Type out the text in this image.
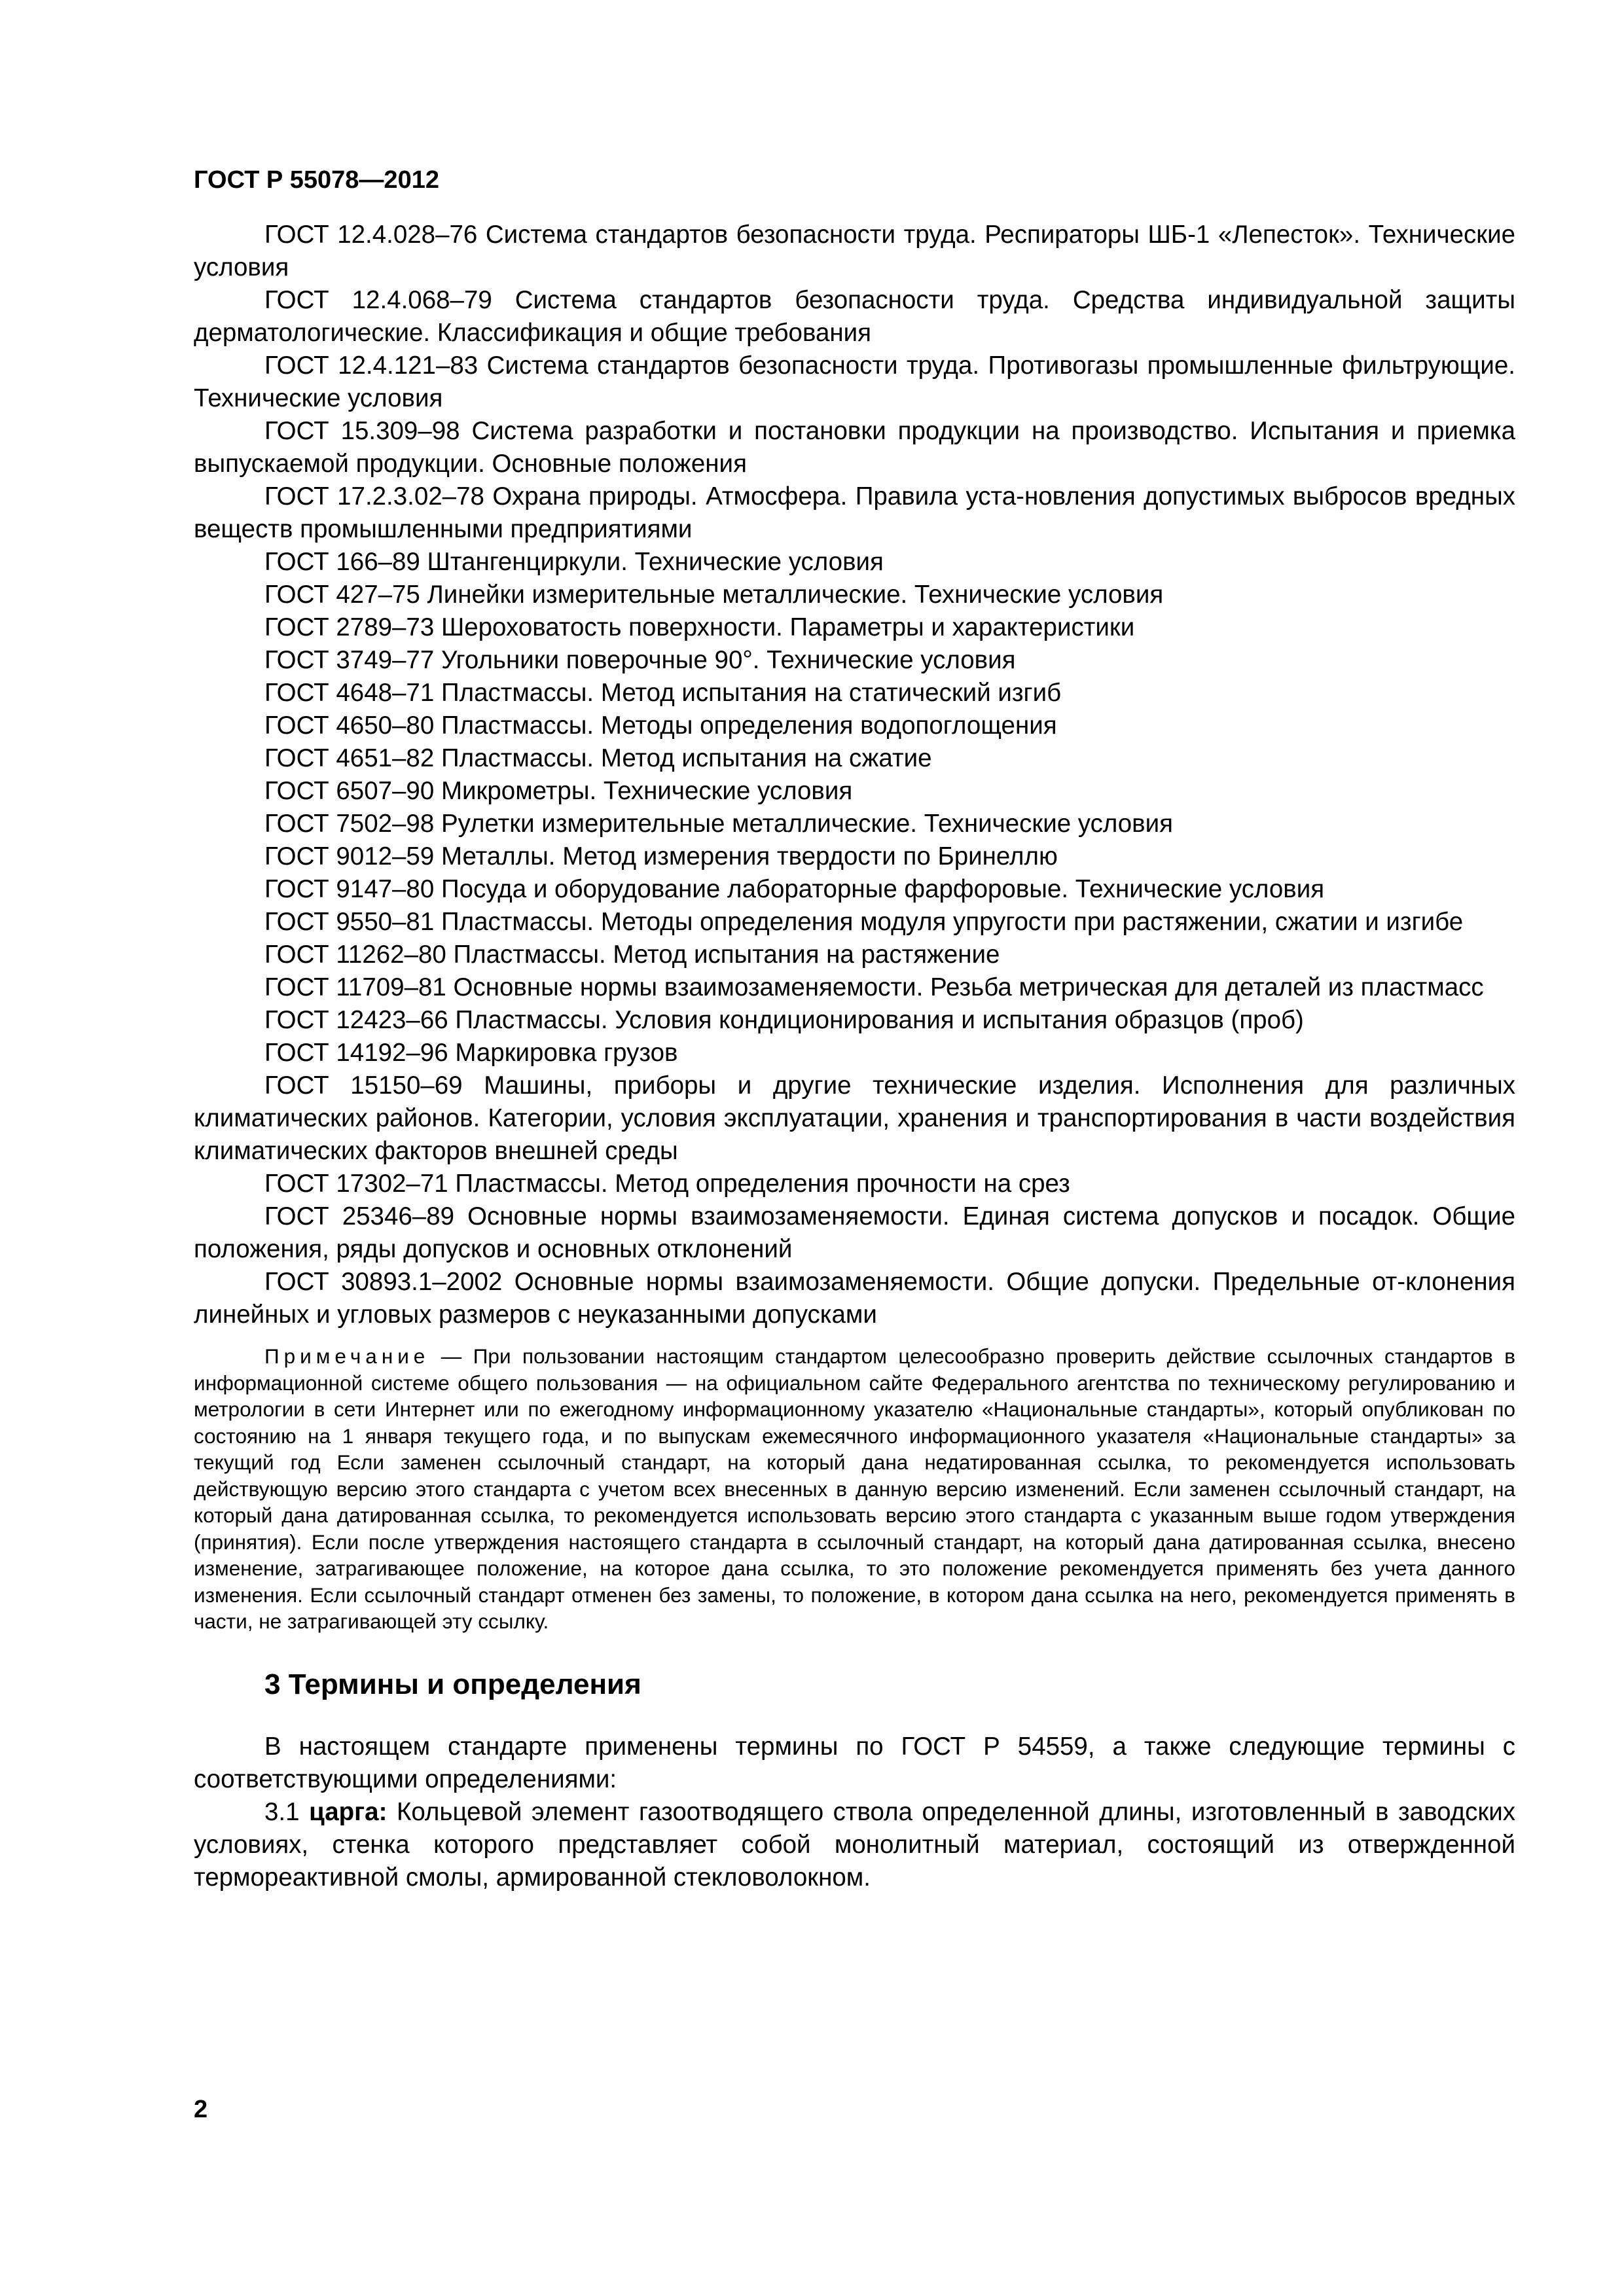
ГОСТ Р 55078—2012

ГОСТ 12.4.028–76 Система стандартов безопасности труда. Респираторы ШБ-1 «Лепесток». Технические условия

ГОСТ 12.4.068–79 Система стандартов безопасности труда. Средства индивидуальной защиты дерматологические. Классификация и общие требования

ГОСТ 12.4.121–83 Система стандартов безопасности труда. Противогазы промышленные фильтрующие. Технические условия

ГОСТ 15.309–98 Система разработки и постановки продукции на производство. Испытания и приемка выпускаемой продукции. Основные положения

ГОСТ 17.2.3.02–78 Охрана природы. Атмосфера. Правила уста-новления допустимых выбросов вредных веществ промышленными предприятиями

ГОСТ 166–89 Штангенциркули. Технические условия

ГОСТ 427–75 Линейки измерительные металлические. Технические условия

ГОСТ 2789–73 Шероховатость поверхности. Параметры и характеристики

ГОСТ 3749–77 Угольники поверочные 90°. Технические условия

ГОСТ 4648–71 Пластмассы. Метод испытания на статический изгиб

ГОСТ 4650–80 Пластмассы. Методы определения водопоглощения

ГОСТ 4651–82 Пластмассы. Метод испытания на сжатие

ГОСТ 6507–90 Микрометры. Технические условия

ГОСТ 7502–98 Рулетки измерительные металлические. Технические условия

ГОСТ 9012–59 Металлы. Метод измерения твердости по Бринеллю

ГОСТ 9147–80 Посуда и оборудование лабораторные фарфоровые. Технические условия

ГОСТ 9550–81 Пластмассы. Методы определения модуля упругости при растяжении, сжатии и изгибе

ГОСТ 11262–80 Пластмассы. Метод испытания на растяжение

ГОСТ 11709–81 Основные нормы взаимозаменяемости. Резьба метрическая для деталей из пластмасс

ГОСТ 12423–66 Пластмассы. Условия кондиционирования и испытания образцов (проб)

ГОСТ 14192–96 Маркировка грузов

ГОСТ 15150–69 Машины, приборы и другие технические изделия. Исполнения для различных климатических районов. Категории, условия эксплуатации, хранения и транспортирования в части воздействия климатических факторов внешней среды

ГОСТ 17302–71 Пластмассы. Метод определения прочности на срез

ГОСТ 25346–89 Основные нормы взаимозаменяемости. Единая система допусков и посадок. Общие положения, ряды допусков и основных отклонений

ГОСТ 30893.1–2002 Основные нормы взаимозаменяемости. Общие допуски. Предельные от-клонения линейных и угловых размеров с неуказанными допусками

Примечание — При пользовании настоящим стандартом целесообразно проверить действие ссылочных стандартов в информационной системе общего пользования — на официальном сайте Федерального агентства по техническому регулированию и метрологии в сети Интернет или по ежегодному информационному указателю «Национальные стандарты», который опубликован по состоянию на 1 января текущего года, и по выпускам ежемесячного информационного указателя «Национальные стандарты» за текущий год Если заменен ссылочный стандарт, на который дана недатированная ссылка, то рекомендуется использовать действующую версию этого стандарта с учетом всех внесенных в данную версию изменений. Если заменен ссылочный стандарт, на который дана датированная ссылка, то рекомендуется использовать версию этого стандарта с указанным выше годом утверждения (принятия). Если после утверждения настоящего стандарта в ссылочный стандарт, на который дана датированная ссылка, внесено изменение, затрагивающее положение, на которое дана ссылка, то это положение рекомендуется применять без учета данного изменения. Если ссылочный стандарт отменен без замены, то положение, в котором дана ссылка на него, рекомендуется применять в части, не затрагивающей эту ссылку.
3 Термины и определения

В настоящем стандарте применены термины по ГОСТ Р 54559, а также следующие термины с соответствующими определениями:

3.1 царга: Кольцевой элемент газоотводящего ствола определенной длины, изготовленный в заводских условиях, стенка которого представляет собой монолитный материал, состоящий из отвержденной термореактивной смолы, армированной стекловолокном.

2
